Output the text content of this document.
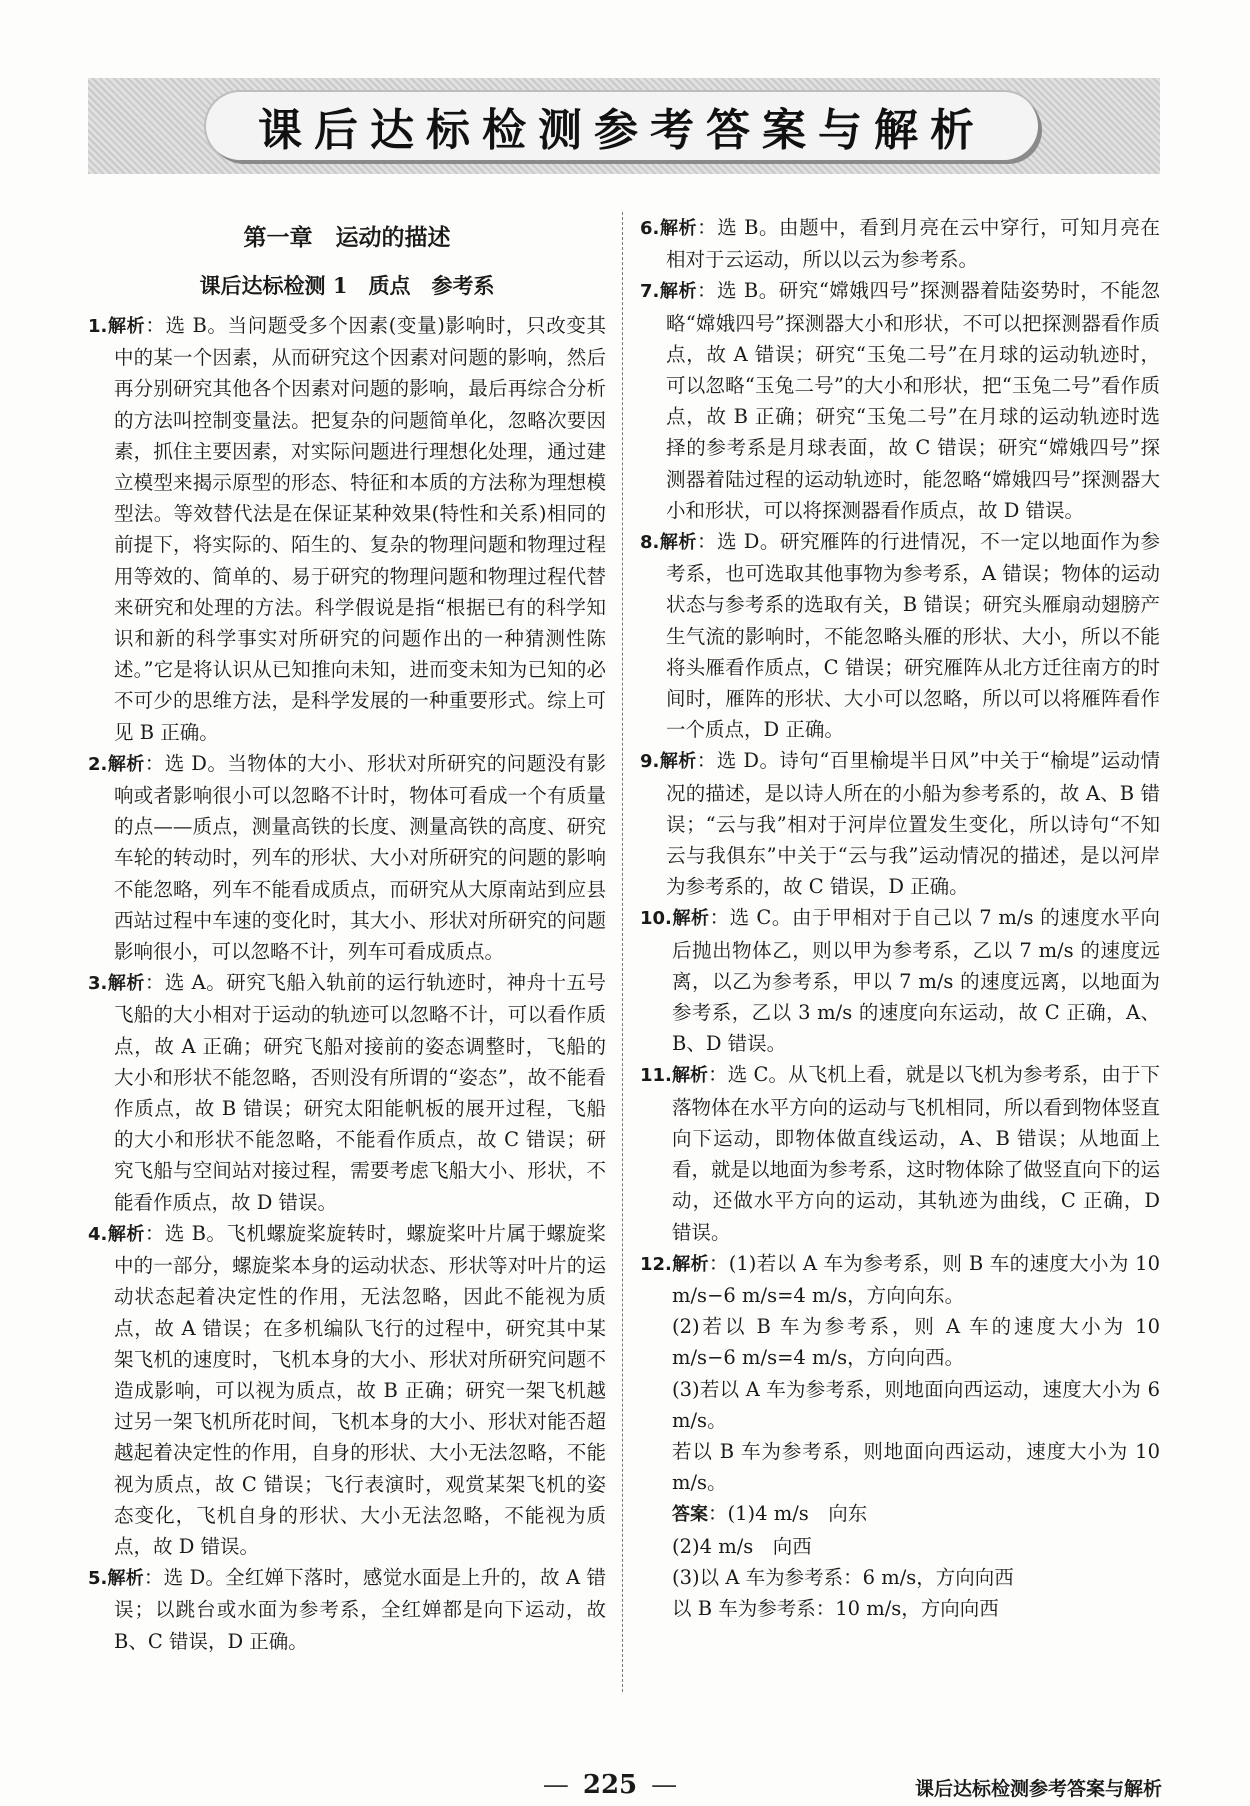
课后达标检测参考答案与解析

第一章　运动的描述

课后达标检测 1　质点　参考系

1.解析：选 B。当问题受多个因素(变量)影响时，只改变其中的某一个因素，从而研究这个因素对问题的影响，然后再分别研究其他各个因素对问题的影响，最后再综合分析的方法叫控制变量法。把复杂的问题简单化，忽略次要因素，抓住主要因素，对实际问题进行理想化处理，通过建立模型来揭示原型的形态、特征和本质的方法称为理想模型法。等效替代法是在保证某种效果(特性和关系)相同的前提下，将实际的、陌生的、复杂的物理问题和物理过程用等效的、简单的、易于研究的物理问题和物理过程代替来研究和处理的方法。科学假说是指“根据已有的科学知识和新的科学事实对所研究的问题作出的一种猜测性陈述。”它是将认识从已知推向未知，进而变未知为已知的必不可少的思维方法，是科学发展的一种重要形式。综上可见 B 正确。

2.解析：选 D。当物体的大小、形状对所研究的问题没有影响或者影响很小可以忽略不计时，物体可看成一个有质量的点——质点，测量高铁的长度、测量高铁的高度、研究车轮的转动时，列车的形状、大小对所研究的问题的影响不能忽略，列车不能看成质点，而研究从大原南站到应县西站过程中车速的变化时，其大小、形状对所研究的问题影响很小，可以忽略不计，列车可看成质点。

3.解析：选 A。研究飞船入轨前的运行轨迹时，神舟十五号飞船的大小相对于运动的轨迹可以忽略不计，可以看作质点，故 A 正确；研究飞船对接前的姿态调整时，飞船的大小和形状不能忽略，否则没有所谓的“姿态”，故不能看作质点，故 B 错误；研究太阳能帆板的展开过程，飞船的大小和形状不能忽略，不能看作质点，故 C 错误；研究飞船与空间站对接过程，需要考虑飞船大小、形状，不能看作质点，故 D 错误。

4.解析：选 B。飞机螺旋桨旋转时，螺旋桨叶片属于螺旋桨中的一部分，螺旋桨本身的运动状态、形状等对叶片的运动状态起着决定性的作用，无法忽略，因此不能视为质点，故 A 错误；在多机编队飞行的过程中，研究其中某架飞机的速度时，飞机本身的大小、形状对所研究问题不造成影响，可以视为质点，故 B 正确；研究一架飞机越过另一架飞机所花时间，飞机本身的大小、形状对能否超越起着决定性的作用，自身的形状、大小无法忽略，不能视为质点，故 C 错误；飞行表演时，观赏某架飞机的姿态变化，飞机自身的形状、大小无法忽略，不能视为质点，故 D 错误。

5.解析：选 D。全红婵下落时，感觉水面是上升的，故 A 错误；以跳台或水面为参考系，全红婵都是向下运动，故 B、C 错误，D 正确。

6.解析：选 B。由题中，看到月亮在云中穿行，可知月亮在相对于云运动，所以以云为参考系。

7.解析：选 B。研究“嫦娥四号”探测器着陆姿势时，不能忽略“嫦娥四号”探测器大小和形状，不可以把探测器看作质点，故 A 错误；研究“玉兔二号”在月球的运动轨迹时，可以忽略“玉兔二号”的大小和形状，把“玉兔二号”看作质点，故 B 正确；研究“玉兔二号”在月球的运动轨迹时选择的参考系是月球表面，故 C 错误；研究“嫦娥四号”探测器着陆过程的运动轨迹时，能忽略“嫦娥四号”探测器大小和形状，可以将探测器看作质点，故 D 错误。

8.解析：选 D。研究雁阵的行进情况，不一定以地面作为参考系，也可选取其他事物为参考系，A 错误；物体的运动状态与参考系的选取有关，B 错误；研究头雁扇动翅膀产生气流的影响时，不能忽略头雁的形状、大小，所以不能将头雁看作质点，C 错误；研究雁阵从北方迁往南方的时间时，雁阵的形状、大小可以忽略，所以可以将雁阵看作一个质点，D 正确。

9.解析：选 D。诗句“百里榆堤半日风”中关于“榆堤”运动情况的描述，是以诗人所在的小船为参考系的，故 A、B 错误；“云与我”相对于河岸位置发生变化，所以诗句“不知云与我俱东”中关于“云与我”运动情况的描述，是以河岸为参考系的，故 C 错误，D 正确。

10.解析：选 C。由于甲相对于自己以 7 m/s 的速度水平向后抛出物体乙，则以甲为参考系，乙以 7 m/s 的速度远离，以乙为参考系，甲以 7 m/s 的速度远离，以地面为参考系，乙以 3 m/s 的速度向东运动，故 C 正确，A、B、D 错误。

11.解析：选 C。从飞机上看，就是以飞机为参考系，由于下落物体在水平方向的运动与飞机相同，所以看到物体竖直向下运动，即物体做直线运动，A、B 错误；从地面上看，就是以地面为参考系，这时物体除了做竖直向下的运动，还做水平方向的运动，其轨迹为曲线，C 正确，D 错误。

12.解析：(1)若以 A 车为参考系，则 B 车的速度大小为 10 m/s−6 m/s=4 m/s，方向向东。

(2)若以 B 车为参考系，则 A 车的速度大小为 10 m/s−6 m/s=4 m/s，方向向西。

(3)若以 A 车为参考系，则地面向西运动，速度大小为 6 m/s。

若以 B 车为参考系，则地面向西运动，速度大小为 10 m/s。

答案：(1)4 m/s　向东

(2)4 m/s　向西

(3)以 A 车为参考系：6 m/s，方向向西

以 B 车为参考系：10 m/s，方向向西

— 225 —	课后达标检测参考答案与解析
